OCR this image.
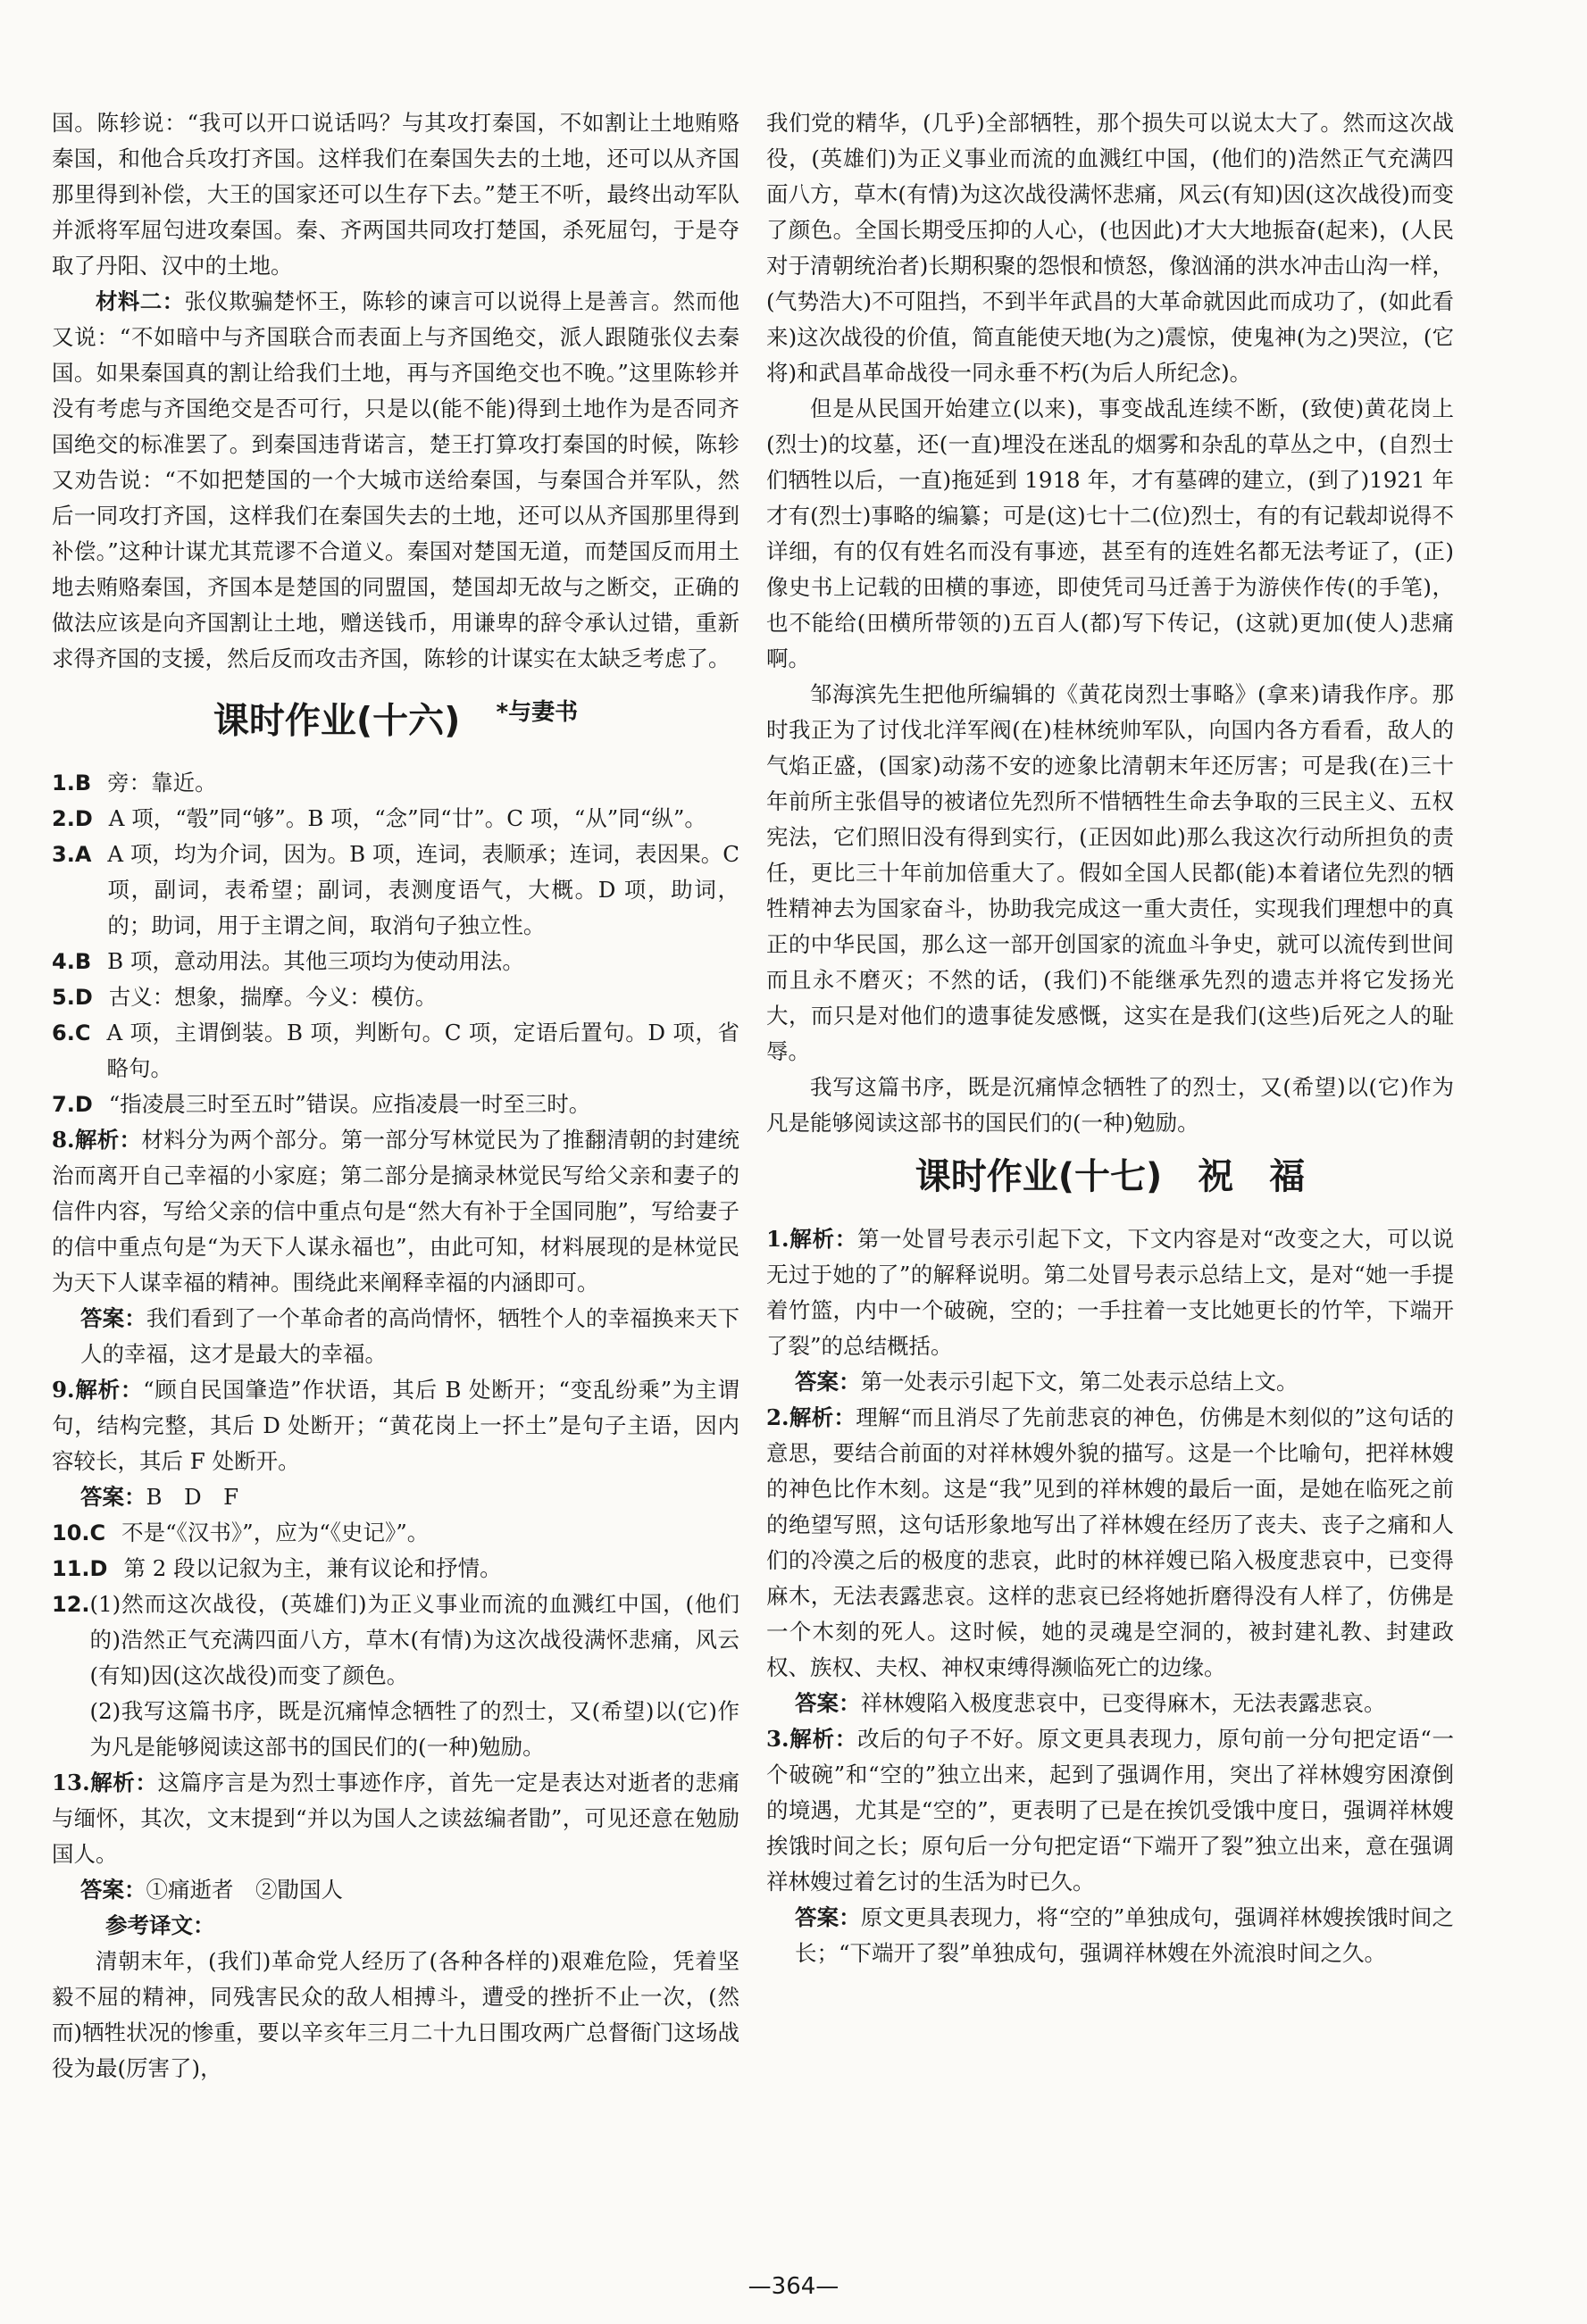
国。陈轸说：“我可以开口说话吗？与其攻打秦国，不如割让土地贿赂秦国，和他合兵攻打齐国。这样我们在秦国失去的土地，还可以从齐国那里得到补偿，大王的国家还可以生存下去。”楚王不听，最终出动军队并派将军屈匄进攻秦国。秦、齐两国共同攻打楚国，杀死屈匄，于是夺取了丹阳、汉中的土地。

材料二：张仪欺骗楚怀王，陈轸的谏言可以说得上是善言。然而他又说：“不如暗中与齐国联合而表面上与齐国绝交，派人跟随张仪去秦国。如果秦国真的割让给我们土地，再与齐国绝交也不晚。”这里陈轸并没有考虑与齐国绝交是否可行，只是以(能不能)得到土地作为是否同齐国绝交的标准罢了。到秦国违背诺言，楚王打算攻打秦国的时候，陈轸又劝告说：“不如把楚国的一个大城市送给秦国，与秦国合并军队，然后一同攻打齐国，这样我们在秦国失去的土地，还可以从齐国那里得到补偿。”这种计谋尤其荒谬不合道义。秦国对楚国无道，而楚国反而用土地去贿赂秦国，齐国本是楚国的同盟国，楚国却无故与之断交，正确的做法应该是向齐国割让土地，赠送钱币，用谦卑的辞令承认过错，重新求得齐国的支援，然后反而攻击齐国，陈轸的计谋实在太缺乏考虑了。

课时作业(十六) $^{*与妻书}$
1. B 旁：靠近。

2. D A 项，“彀”同“够”。B 项，“念”同“廿”。C 项，“从”同“纵”。

3. A A 项，均为介词，因为。B 项，连词，表顺承；连词，表因果。C 项，副词，表希望；副词，表测度语气，大概。D 项，助词，的；助词，用于主谓之间，取消句子独立性。

4. B B 项，意动用法。其他三项均为使动用法。

5. D 古义：想象，揣摩。今义：模仿。

6. C A 项，主谓倒装。B 项，判断句。C 项，定语后置句。D 项，省略句。

7. D “指凌晨三时至五时”错误。应指凌晨一时至三时。

8.解析：材料分为两个部分。第一部分写林觉民为了推翻清朝的封建统治而离开自己幸福的小家庭；第二部分是摘录林觉民写给父亲和妻子的信件内容，写给父亲的信中重点句是“然大有补于全国同胞”，写给妻子的信中重点句是“为天下人谋永福也”，由此可知，材料展现的是林觉民为天下人谋幸福的精神。围绕此来阐释幸福的内涵即可。

答案：我们看到了一个革命者的高尚情怀，牺牲个人的幸福换来天下人的幸福，这才是最大的幸福。

9.解析：“顾自民国肇造”作状语，其后 B 处断开；“变乱纷乘”为主谓句，结构完整，其后 D 处断开；“黄花岗上一抔土”是句子主语，因内容较长，其后 F 处断开。

答案：B　D　F

10. C 不是“《汉书》”，应为“《史记》”。

11. D 第 2 段以记叙为主，兼有议论和抒情。

12. (1)然而这次战役，(英雄们)为正义事业而流的血溅红中国，(他们的)浩然正气充满四面八方，草木(有情)为这次战役满怀悲痛，风云(有知)因(这次战役)而变了颜色。

(2)我写这篇书序，既是沉痛悼念牺牲了的烈士，又(希望)以(它)作为凡是能够阅读这部书的国民们的(一种)勉励。

13.解析：这篇序言是为烈士事迹作序，首先一定是表达对逝者的悲痛与缅怀，其次，文末提到“并以为国人之读兹编者勖”，可见还意在勉励国人。

答案：①痛逝者　②勖国人

参考译文：

清朝末年，(我们)革命党人经历了(各种各样的)艰难危险，凭着坚毅不屈的精神，同残害民众的敌人相搏斗，遭受的挫折不止一次，(然而)牺牲状况的惨重，要以辛亥年三月二十九日围攻两广总督衙门这场战役为最(厉害了)，

我们党的精华，(几乎)全部牺牲，那个损失可以说太大了。然而这次战役，(英雄们)为正义事业而流的血溅红中国，(他们的)浩然正气充满四面八方，草木(有情)为这次战役满怀悲痛，风云(有知)因(这次战役)而变了颜色。全国长期受压抑的人心，(也因此)才大大地振奋(起来)，(人民对于清朝统治者)长期积聚的怨恨和愤怒，像汹涌的洪水冲击山沟一样，(气势浩大)不可阻挡，不到半年武昌的大革命就因此而成功了，(如此看来)这次战役的价值，简直能使天地(为之)震惊，使鬼神(为之)哭泣，(它将)和武昌革命战役一同永垂不朽(为后人所纪念)。

但是从民国开始建立(以来)，事变战乱连续不断，(致使)黄花岗上(烈士)的坟墓，还(一直)埋没在迷乱的烟雾和杂乱的草丛之中，(自烈士们牺牲以后，一直)拖延到 1918 年，才有墓碑的建立，(到了)1921 年才有(烈士)事略的编纂；可是(这)七十二(位)烈士，有的有记载却说得不详细，有的仅有姓名而没有事迹，甚至有的连姓名都无法考证了，(正)像史书上记载的田横的事迹，即使凭司马迁善于为游侠作传(的手笔)，也不能给(田横所带领的)五百人(都)写下传记，(这就)更加(使人)悲痛啊。

邹海滨先生把他所编辑的《黄花岗烈士事略》(拿来)请我作序。那时我正为了讨伐北洋军阀(在)桂林统帅军队，向国内各方看看，敌人的气焰正盛，(国家)动荡不安的迹象比清朝末年还厉害；可是我(在)三十年前所主张倡导的被诸位先烈所不惜牺牲生命去争取的三民主义、五权宪法，它们照旧没有得到实行，(正因如此)那么我这次行动所担负的责任，更比三十年前加倍重大了。假如全国人民都(能)本着诸位先烈的牺牲精神去为国家奋斗，协助我完成这一重大责任，实现我们理想中的真正的中华民国，那么这一部开创国家的流血斗争史，就可以流传到世间而且永不磨灭；不然的话，(我们)不能继承先烈的遗志并将它发扬光大，而只是对他们的遗事徒发感慨，这实在是我们(这些)后死之人的耻辱。

我写这篇书序，既是沉痛悼念牺牲了的烈士，又(希望)以(它)作为凡是能够阅读这部书的国民们的(一种)勉励。

课时作业(十七)　祝　福

1.解析：第一处冒号表示引起下文，下文内容是对“改变之大，可以说无过于她的了”的解释说明。第二处冒号表示总结上文，是对“她一手提着竹篮，内中一个破碗，空的；一手拄着一支比她更长的竹竿，下端开了裂”的总结概括。

答案：第一处表示引起下文，第二处表示总结上文。

2.解析：理解“而且消尽了先前悲哀的神色，仿佛是木刻似的”这句话的意思，要结合前面的对祥林嫂外貌的描写。这是一个比喻句，把祥林嫂的神色比作木刻。这是“我”见到的祥林嫂的最后一面，是她在临死之前的绝望写照，这句话形象地写出了祥林嫂在经历了丧夫、丧子之痛和人们的冷漠之后的极度的悲哀，此时的林祥嫂已陷入极度悲哀中，已变得麻木，无法表露悲哀。这样的悲哀已经将她折磨得没有人样了，仿佛是一个木刻的死人。这时候，她的灵魂是空洞的，被封建礼教、封建政权、族权、夫权、神权束缚得濒临死亡的边缘。

答案：祥林嫂陷入极度悲哀中，已变得麻木，无法表露悲哀。

3.解析：改后的句子不好。原文更具表现力，原句前一分句把定语“一个破碗”和“空的”独立出来，起到了强调作用，突出了祥林嫂穷困潦倒的境遇，尤其是“空的”，更表明了已是在挨饥受饿中度日，强调祥林嫂挨饿时间之长；原句后一分句把定语“下端开了裂”独立出来，意在强调祥林嫂过着乞讨的生活为时已久。

答案：原文更具表现力，将“空的”单独成句，强调祥林嫂挨饿时间之长；“下端开了裂”单独成句，强调祥林嫂在外流浪时间之久。

—364—
